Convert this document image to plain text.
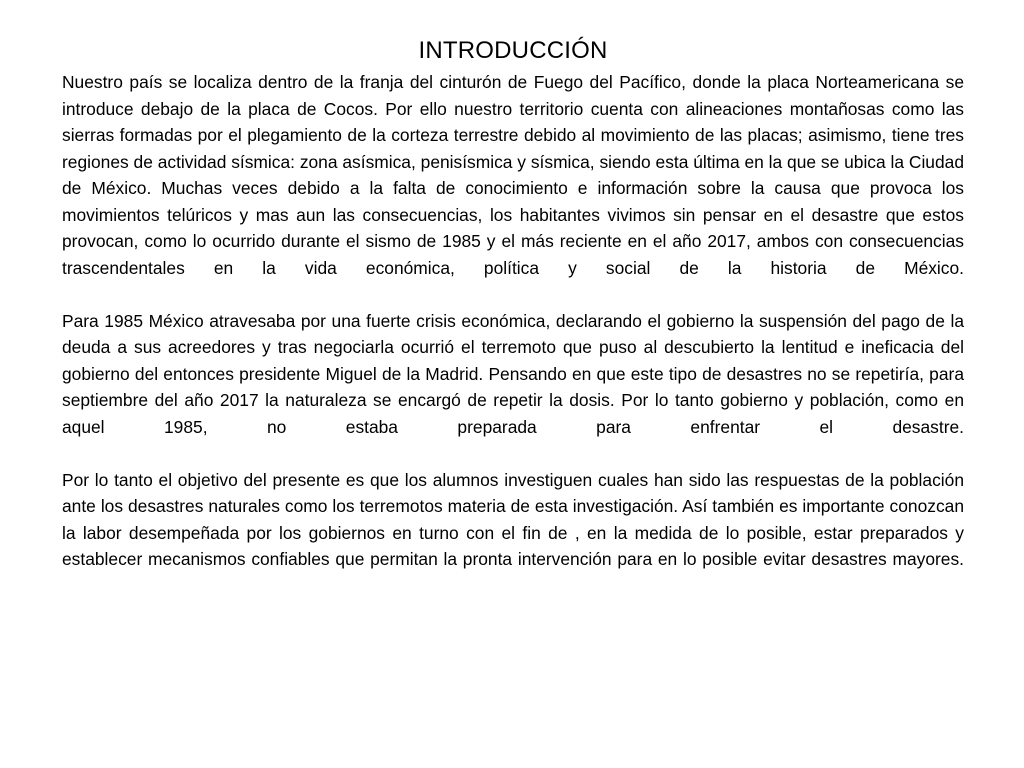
INTRODUCCIÓN

Nuestro país se localiza dentro de la franja del cinturón de Fuego del Pacífico, donde la placa Norteamericana se introduce debajo de la placa de Cocos. Por ello nuestro territorio cuenta con alineaciones montañosas como las sierras formadas por el plegamiento de la corteza terrestre debido al movimiento de las placas; asimismo, tiene tres regiones de actividad sísmica: zona asísmica, penisísmica y sísmica, siendo esta última en la que se ubica la Ciudad de México. Muchas veces debido a la falta de conocimiento e información sobre la causa que provoca los movimientos telúricos y mas aun las consecuencias, los habitantes vivimos sin pensar en el desastre que estos provocan, como lo ocurrido durante el sismo de 1985 y el más reciente en el año 2017, ambos con consecuencias trascendentales en la vida económica, política y social de la historia de México.

Para 1985 México atravesaba por una fuerte crisis económica, declarando el gobierno la suspensión del pago de la deuda a sus acreedores y tras negociarla ocurrió el terremoto que puso al descubierto la lentitud e ineficacia del gobierno del entonces presidente Miguel de la Madrid. Pensando en que este tipo de desastres no se repetiría, para septiembre del año 2017 la naturaleza se encargó de repetir la dosis. Por lo tanto gobierno y población, como en aquel 1985, no estaba preparada para enfrentar el desastre.

Por lo tanto el objetivo del presente es que los alumnos investiguen cuales han sido las respuestas de la población ante los desastres naturales como los terremotos materia de esta investigación. Así también es importante conozcan la labor desempeñada por los gobiernos en turno con el fin de , en la medida de lo posible, estar preparados y establecer mecanismos confiables que permitan la pronta intervención para en lo posible evitar desastres mayores.
